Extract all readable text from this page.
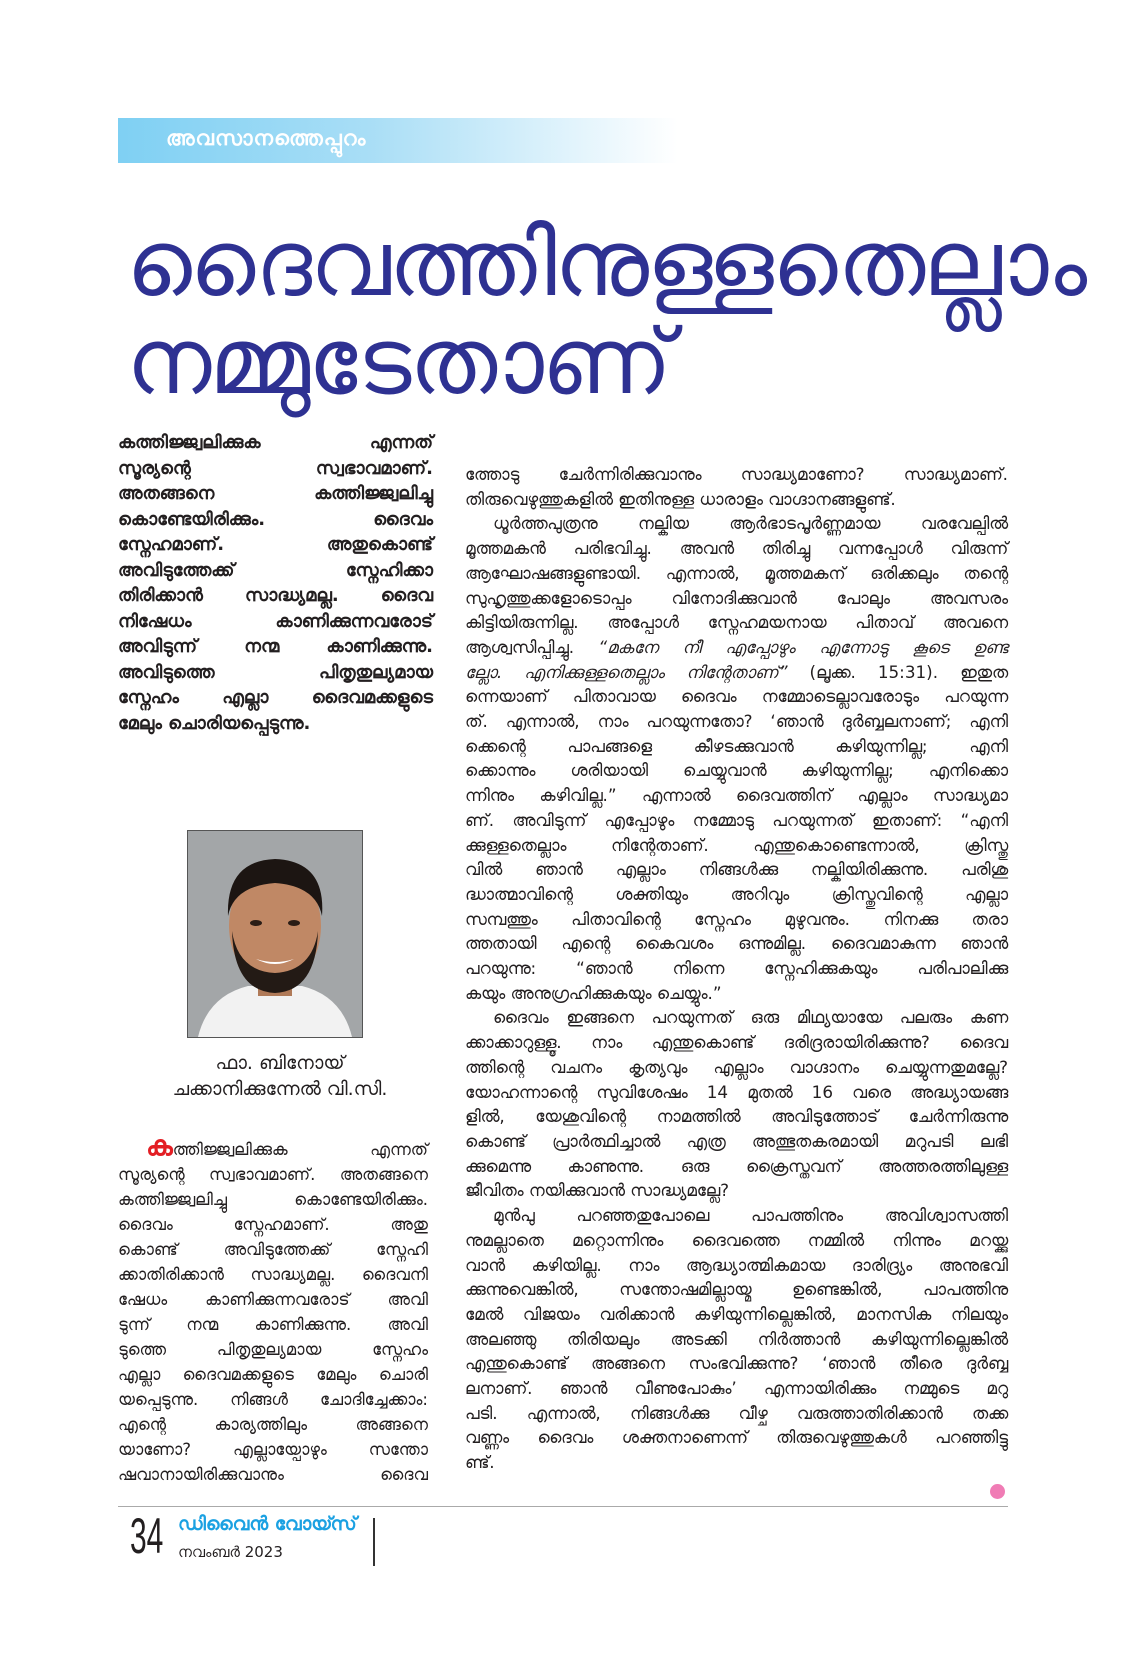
അവസാനത്തെപ്പുറം
ദൈവത്തിനുള്ളതെല്ലാം
നമ്മുടേതാണ്
കത്തിജ്ജ്വലിക്കുക എന്നത്
സൂര്യന്റെ സ്വഭാവമാണ്.
അതങ്ങനെ കത്തിജ്ജ്വലിച്ചു
കൊണ്ടേയിരിക്കും. ദൈവം
സ്നേഹമാണ്. അതുകൊണ്ട്
അവിടുത്തേക്ക് സ്നേഹിക്കാ
തിരിക്കാൻ സാദ്ധ്യമല്ല. ദൈവ
നിഷേധം കാണിക്കുന്നവരോട്
അവിടുന്ന് നന്മ കാണിക്കുന്നു.
അവിടുത്തെ പിതൃതുല്യമായ
സ്നേഹം എല്ലാ ദൈവമക്കളുടെ
മേലും ചൊരിയപ്പെടുന്നു.
ഫാ. ബിനോയ്
ചക്കാനിക്കുന്നേൽ വി.സി.
കത്തിജ്ജ്വലിക്കുക എന്നത്
സൂര്യന്റെ സ്വഭാവമാണ്. അതങ്ങനെ
കത്തിജ്ജ്വലിച്ചു കൊണ്ടേയിരിക്കും.
ദൈവം സ്നേഹമാണ്. അതു
കൊണ്ട് അവിടുത്തേക്ക് സ്നേഹി
ക്കാതിരിക്കാൻ സാദ്ധ്യമല്ല. ദൈവനി
ഷേധം കാണിക്കുന്നവരോട് അവി
ടുന്ന് നന്മ കാണിക്കുന്നു. അവി
ടുത്തെ പിതൃതുല്യമായ സ്നേഹം
എല്ലാ ദൈവമക്കളുടെ മേലും ചൊരി
യപ്പെടുന്നു. നിങ്ങൾ ചോദിച്ചേക്കാം:
എന്റെ കാര്യത്തിലും അങ്ങനെ
യാണോ? എല്ലായ്പോഴും സന്തോ
ഷവാനായിരിക്കുവാനും ദൈവ
ത്തോടു ചേർന്നിരിക്കുവാനും സാദ്ധ്യമാണോ? സാദ്ധ്യമാണ്.
തിരുവെഴുത്തുകളിൽ ഇതിനുള്ള ധാരാളം വാഗ്ദാനങ്ങളുണ്ട്.
ധൂർത്തപുത്രനു നല്കിയ ആർഭാടപൂർണ്ണമായ വരവേല്പിൽ
മൂത്തമകൻ പരിഭവിച്ചു. അവൻ തിരിച്ചു വന്നപ്പോൾ വിരുന്ന്
ആഘോഷങ്ങളുണ്ടായി. എന്നാൽ, മൂത്തമകന് ഒരിക്കലും തന്റെ
സുഹൃത്തുക്കളോടൊപ്പം വിനോദിക്കുവാൻ പോലും അവസരം
കിട്ടിയിരുന്നില്ല. അപ്പോൾ സ്നേഹമയനായ പിതാവ് അവനെ
ആശ്വസിപ്പിച്ചു. “മകനേ നീ എപ്പോഴും എന്നോടു കൂടെ ഉണ്ട
ല്ലോ. എനിക്കുള്ളതെല്ലാം നിന്റേതാണ്” (ലൂക്ക. 15:31). ഇതുത
ന്നെയാണ് പിതാവായ ദൈവം നമ്മോടെല്ലാവരോടും പറയുന്ന
ത്. എന്നാൽ, നാം പറയുന്നതോ? ‘ഞാൻ ദുർബ്ബലനാണ്; എനി
ക്കെന്റെ പാപങ്ങളെ കീഴടക്കുവാൻ കഴിയുന്നില്ല; എനി
ക്കൊന്നും ശരിയായി ചെയ്യുവാൻ കഴിയുന്നില്ല; എനിക്കൊ
ന്നിനും കഴിവില്ല.” എന്നാൽ ദൈവത്തിന് എല്ലാം സാദ്ധ്യമാ
ണ്. അവിടുന്ന് എപ്പോഴും നമ്മോടു പറയുന്നത് ഇതാണ്: “എനി
ക്കുള്ളതെല്ലാം നിന്റേതാണ്. എന്തുകൊണ്ടെന്നാൽ, ക്രിസ്തു
വിൽ ഞാൻ എല്ലാം നിങ്ങൾക്കു നല്കിയിരിക്കുന്നു. പരിശു
ദ്ധാത്മാവിന്റെ ശക്തിയും അറിവും ക്രിസ്തുവിന്റെ എല്ലാ
സമ്പത്തും പിതാവിന്റെ സ്നേഹം മുഴുവനും. നിനക്കു തരാ
ത്തതായി എന്റെ കൈവശം ഒന്നുമില്ല. ദൈവമാകുന്ന ഞാൻ
പറയുന്നു: “ഞാൻ നിന്നെ സ്നേഹിക്കുകയും പരിപാലിക്കു
കയും അനുഗ്രഹിക്കുകയും ചെയ്യും.”
ദൈവം ഇങ്ങനെ പറയുന്നത് ഒരു മിഥ്യയായേ പലരും കണ
ക്കാക്കാറുള്ളൂ. നാം എന്തുകൊണ്ട് ദരിദ്രരായിരിക്കുന്നു? ദൈവ
ത്തിന്റെ വചനം കൃത്യവും എല്ലാം വാഗ്ദാനം ചെയ്യുന്നതുമല്ലേ?
യോഹന്നാന്റെ സുവിശേഷം 14 മുതൽ 16 വരെ അദ്ധ്യായങ്ങ
ളിൽ, യേശുവിന്റെ നാമത്തിൽ അവിടുത്തോട് ചേർന്നിരുന്നു
കൊണ്ട് പ്രാർത്ഥിച്ചാൽ എത്ര അത്ഭുതകരമായി മറുപടി ലഭി
ക്കുമെന്നു കാണുന്നു. ഒരു ക്രൈസ്തവന് അത്തരത്തിലുള്ള
ജീവിതം നയിക്കുവാൻ സാദ്ധ്യമല്ലേ?
മുൻപു പറഞ്ഞതുപോലെ പാപത്തിനും അവിശ്വാസത്തി
നുമല്ലാതെ മറ്റൊന്നിനും ദൈവത്തെ നമ്മിൽ നിന്നും മറയ്ക്കു
വാൻ കഴിയില്ല. നാം ആദ്ധ്യാത്മികമായ ദാരിദ്ര്യം അനുഭവി
ക്കുന്നുവെങ്കിൽ, സന്തോഷമില്ലായ്മ ഉണ്ടെങ്കിൽ, പാപത്തിനു
മേൽ വിജയം വരിക്കാൻ കഴിയുന്നില്ലെങ്കിൽ, മാനസിക നിലയും
അലഞ്ഞു തിരിയലും അടക്കി നിർത്താൻ കഴിയുന്നില്ലെങ്കിൽ
എന്തുകൊണ്ട് അങ്ങനെ സംഭവിക്കുന്നു? ‘ഞാൻ തീരെ ദുർബ്ബ
ലനാണ്. ഞാൻ വീണുപോകും’ എന്നായിരിക്കും നമ്മുടെ മറു
പടി. എന്നാൽ, നിങ്ങൾക്കു വീഴ്ച വരുത്താതിരിക്കാൻ തക്ക
വണ്ണം ദൈവം ശക്തനാണെന്ന് തിരുവെഴുത്തുകൾ പറഞ്ഞിട്ടു
ണ്ട്.
34 ഡിവൈൻ വോയ്സ്
നവംബർ 2023
